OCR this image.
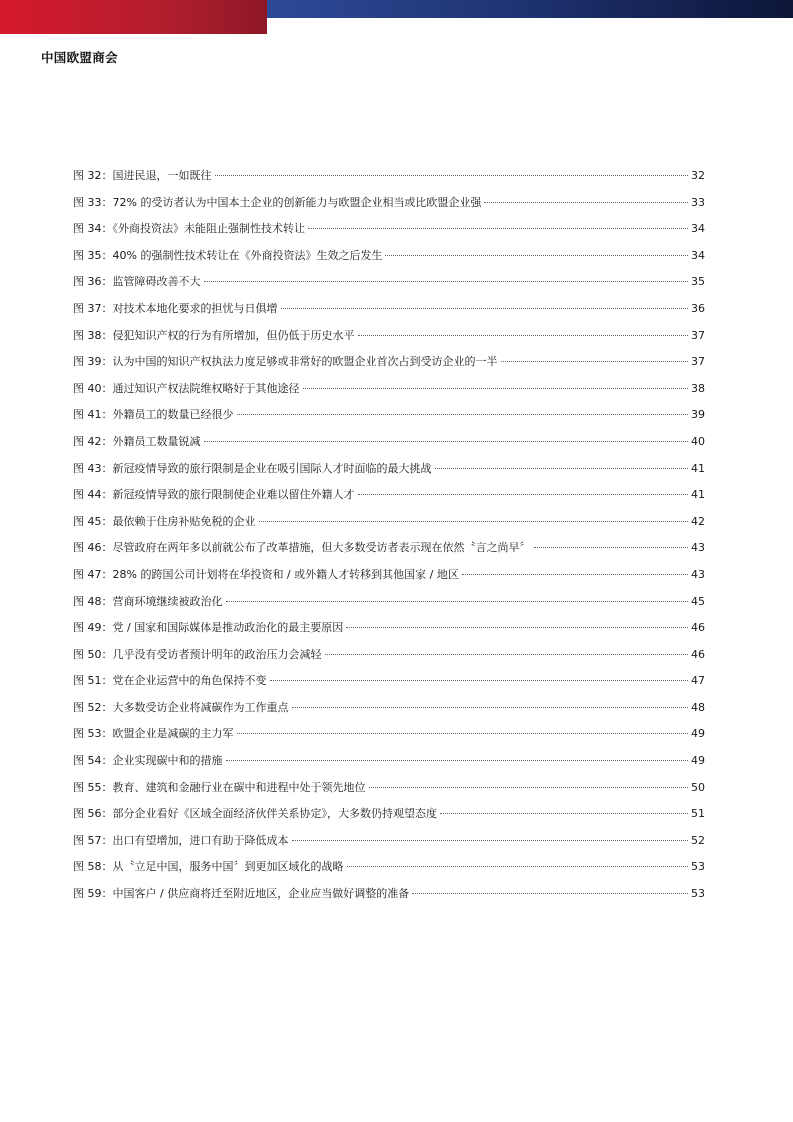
中国欧盟商会
图 32：国进民退，一如既往	32
图 33：72% 的受访者认为中国本土企业的创新能力与欧盟企业相当或比欧盟企业强	33
图 34：《外商投资法》未能阻止强制性技术转让	34
图 35：40% 的强制性技术转让在《外商投资法》生效之后发生	34
图 36：监管障碍改善不大	35
图 37：对技术本地化要求的担忧与日俱增	36
图 38：侵犯知识产权的行为有所增加，但仍低于历史水平	37
图 39：认为中国的知识产权执法力度足够或非常好的欧盟企业首次占到受访企业的一半	37
图 40：通过知识产权法院维权略好于其他途径	38
图 41：外籍员工的数量已经很少	39
图 42：外籍员工数量锐减	40
图 43：新冠疫情导致的旅行限制是企业在吸引国际人才时面临的最大挑战	41
图 44：新冠疫情导致的旅行限制使企业难以留住外籍人才	41
图 45：最依赖于住房补贴免税的企业	42
图 46：尽管政府在两年多以前就公布了改革措施，但大多数受访者表示现在依然〝言之尚早〞	43
图 47：28% 的跨国公司计划将在华投资和 / 或外籍人才转移到其他国家 / 地区	43
图 48：营商环境继续被政治化	45
图 49：党 / 国家和国际媒体是推动政治化的最主要原因	46
图 50：几乎没有受访者预计明年的政治压力会减轻	46
图 51：党在企业运营中的角色保持不变	47
图 52：大多数受访企业将减碳作为工作重点	48
图 53：欧盟企业是减碳的主力军	49
图 54：企业实现碳中和的措施	49
图 55：教育、建筑和金融行业在碳中和进程中处于领先地位	50
图 56：部分企业看好《区域全面经济伙伴关系协定》，大多数仍持观望态度	51
图 57：出口有望增加，进口有助于降低成本	52
图 58：从〝立足中国，服务中国〞到更加区域化的战略	53
图 59：中国客户 / 供应商将迁至附近地区，企业应当做好调整的准备	53
